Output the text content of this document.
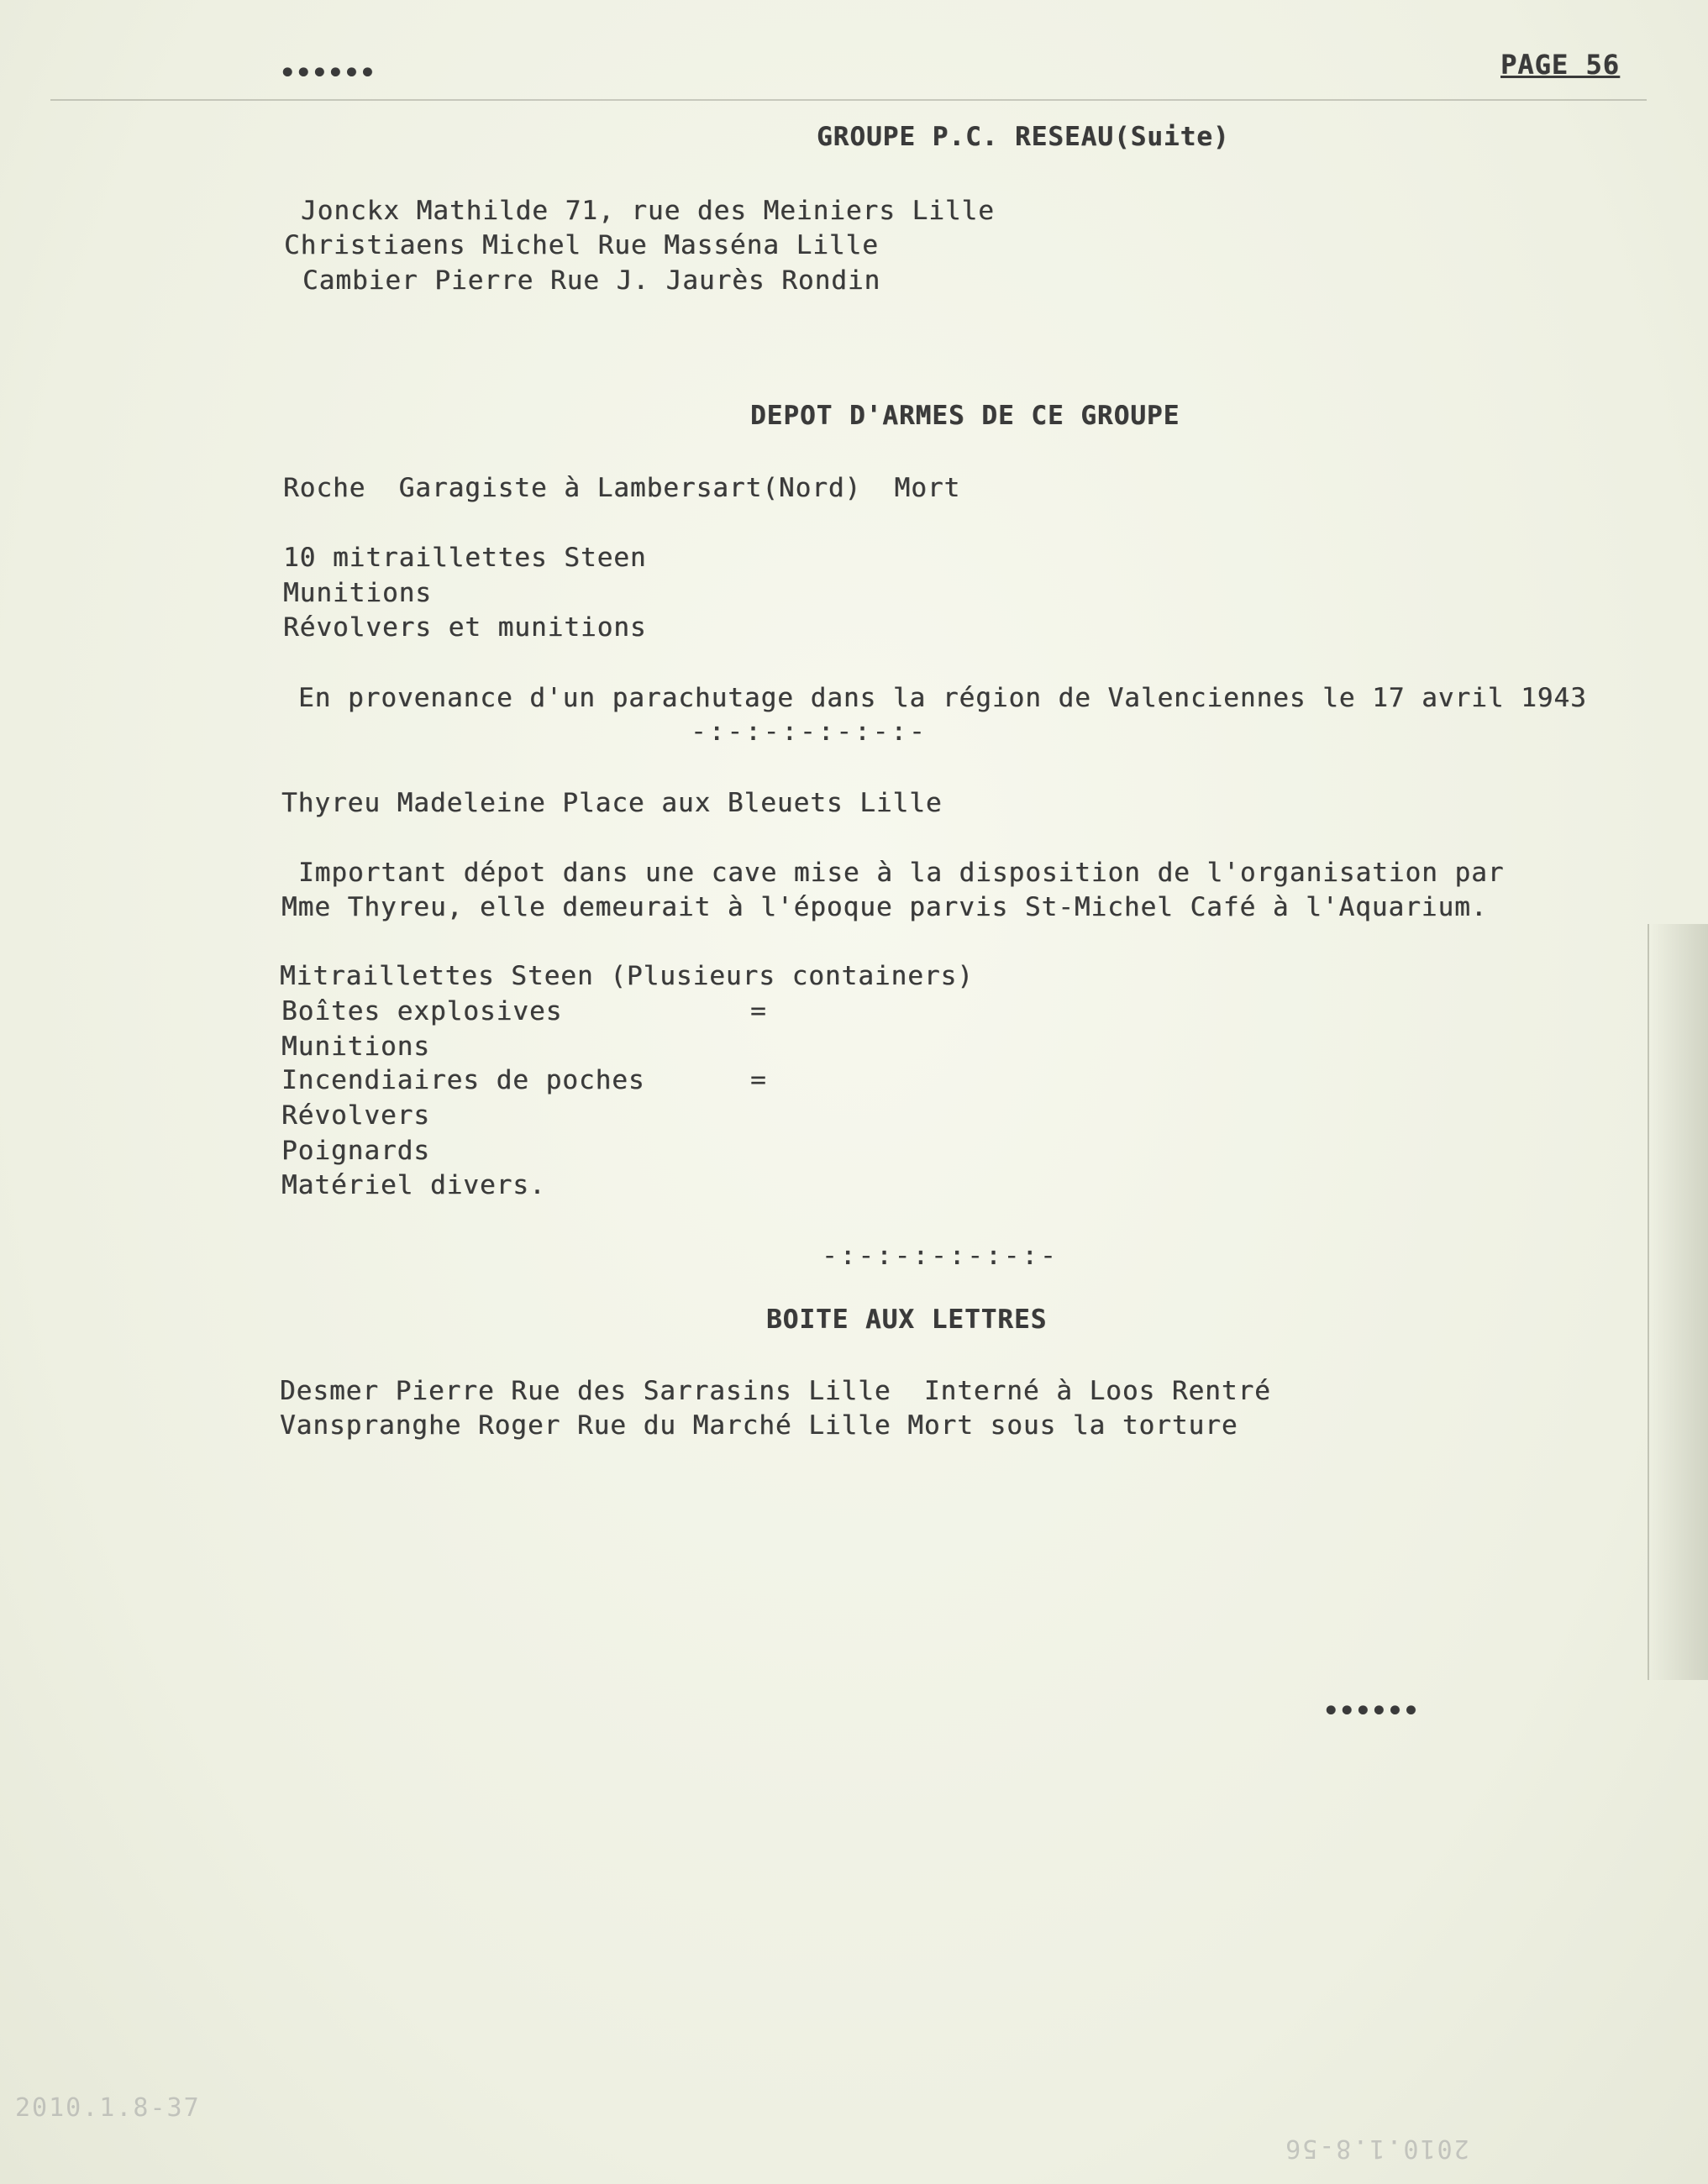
••••••	PAGE 56
GROUPE P.C. RESEAU(Suite)
Jonckx Mathilde 71, rue des Meiniers Lille
Christiaens Michel Rue Masséna Lille
Cambier Pierre Rue J. Jaurès Rondin
DEPOT D'ARMES DE CE GROUPE
Roche  Garagiste à Lambersart(Nord)  Mort
10 mitraillettes Steen
Munitions
Révolvers et munitions
En provenance d'un parachutage dans la région de Valenciennes le 17 avril 1943
-:-:-:-:-:-:-
Thyreu Madeleine Place aux Bleuets Lille
Important dépot dans une cave mise à la disposition de l'organisation par
Mme Thyreu, elle demeurait à l'époque parvis St-Michel Café à l'Aquarium.
Mitraillettes Steen (Plusieurs containers)
Boîtes explosives	=
Munitions
Incendiaires de poches	=
Révolvers
Poignards
Matériel divers.
-:-:-:-:-:-:-
BOITE AUX LETTRES
Desmer Pierre Rue des Sarrasins Lille  Interné à Loos Rentré
Vanspranghe Roger Rue du Marché Lille Mort sous la torture
••••••
2010.1.8-37
2010.1.8-56
